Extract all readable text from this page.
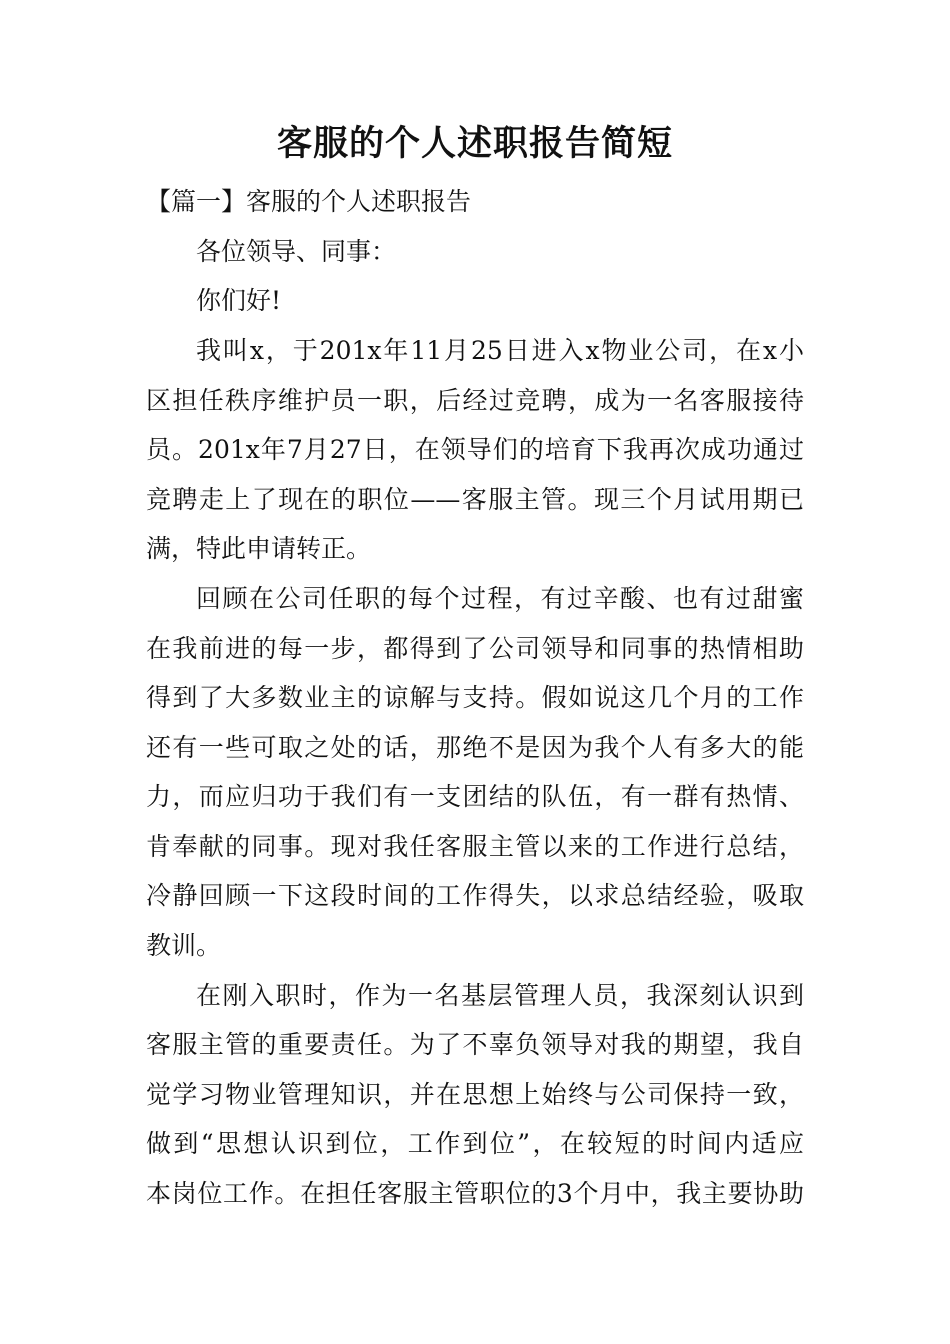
客服的个人述职报告简短
【篇一】客服的个人述职报告
各位领导、同事：
你们好!
我叫x，于201x年11月25日进入x物业公司，在x小
区担任秩序维护员一职，后经过竞聘，成为一名客服接待
员。201x年7月27日，在领导们的培育下我再次成功通过
竞聘走上了现在的职位——客服主管。现三个月试用期已
满，特此申请转正。
回顾在公司任职的每个过程，有过辛酸、也有过甜蜜
在我前进的每一步，都得到了公司领导和同事的热情相助
得到了大多数业主的谅解与支持。假如说这几个月的工作
还有一些可取之处的话，那绝不是因为我个人有多大的能
力，而应归功于我们有一支团结的队伍，有一群有热情、
肯奉献的同事。现对我任客服主管以来的工作进行总结，
冷静回顾一下这段时间的工作得失，以求总结经验，吸取
教训。
在刚入职时，作为一名基层管理人员，我深刻认识到
客服主管的重要责任。为了不辜负领导对我的期望，我自
觉学习物业管理知识，并在思想上始终与公司保持一致，
做到“思想认识到位，工作到位”，在较短的时间内适应
本岗位工作。在担任客服主管职位的3个月中，我主要协助
